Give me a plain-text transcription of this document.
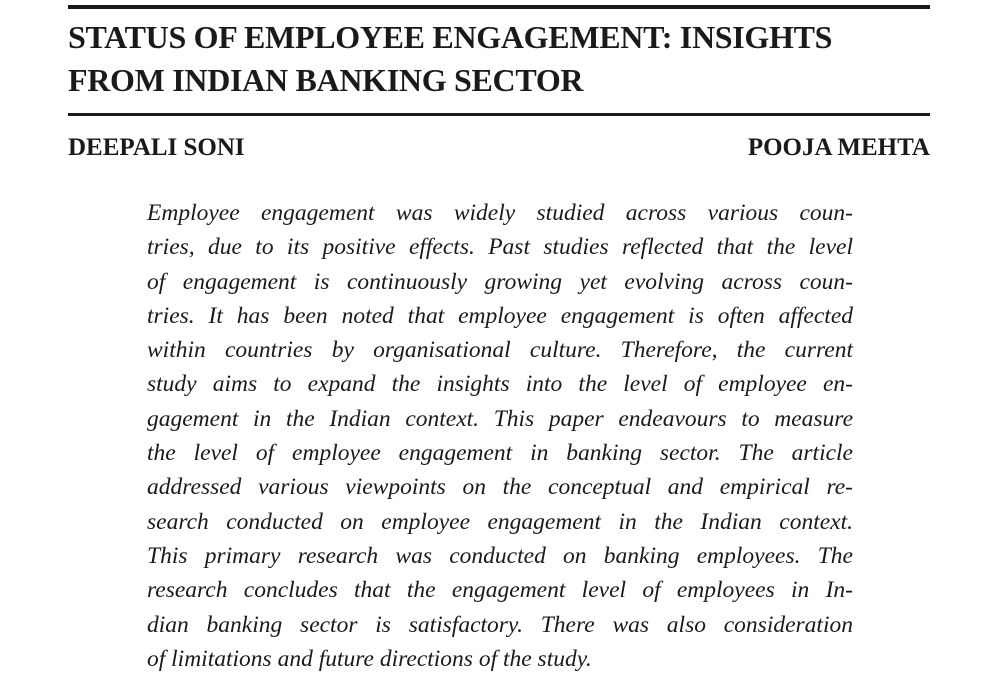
STATUS OF EMPLOYEE ENGAGEMENT: INSIGHTS
FROM INDIAN BANKING SECTOR
DEEPALI SONI	POOJA MEHTA
Employee engagement was widely studied across various coun-
tries, due to its positive effects. Past studies reflected that the level
of engagement is continuously growing yet evolving across coun-
tries. It has been noted that employee engagement is often affected
within countries by organisational culture. Therefore, the current
study aims to expand the insights into the level of employee en-
gagement in the Indian context. This paper endeavours to measure
the level of employee engagement in banking sector. The article
addressed various viewpoints on the conceptual and empirical re-
search conducted on employee engagement in the Indian context.
This primary research was conducted on banking employees. The
research concludes that the engagement level of employees in In-
dian banking sector is satisfactory. There was also consideration
of limitations and future directions of the study.
